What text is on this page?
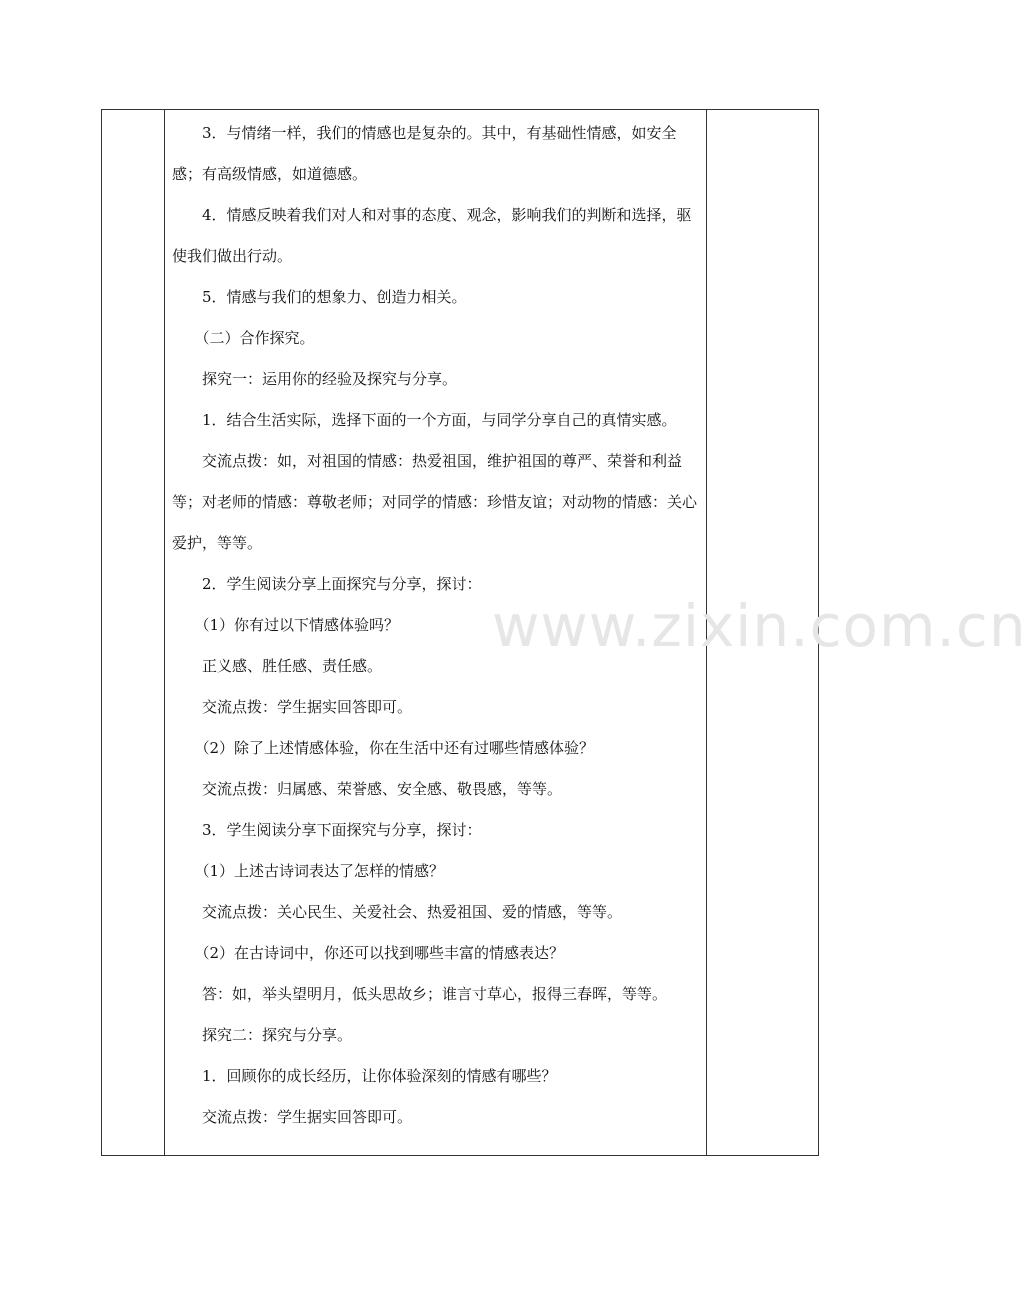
www.zixin.com.cn

　　3．与情绪一样，我们的情感也是复杂的。其中，有基础性情感，如安全感；有高级情感，如道德感。

　　4．情感反映着我们对人和对事的态度、观念，影响我们的判断和选择，驱使我们做出行动。

　　5．情感与我们的想象力、创造力相关。

　　（二）合作探究。

　　探究一：运用你的经验及探究与分享。

　　1．结合生活实际，选择下面的一个方面，与同学分享自己的真情实感。

　　交流点拨：如，对祖国的情感：热爱祖国，维护祖国的尊严、荣誉和利益等；对老师的情感：尊敬老师；对同学的情感：珍惜友谊；对动物的情感：关心爱护，等等。

　　2．学生阅读分享上面探究与分享，探讨：

　　（1）你有过以下情感体验吗？

　　正义感、胜任感、责任感。

　　交流点拨：学生据实回答即可。

　　（2）除了上述情感体验，你在生活中还有过哪些情感体验？

　　交流点拨：归属感、荣誉感、安全感、敬畏感，等等。

　　3．学生阅读分享下面探究与分享，探讨：

　　（1）上述古诗词表达了怎样的情感？

　　交流点拨：关心民生、关爱社会、热爱祖国、爱的情感，等等。

　　（2）在古诗词中，你还可以找到哪些丰富的情感表达？

　　答：如，举头望明月，低头思故乡；谁言寸草心，报得三春晖，等等。

　　探究二：探究与分享。

　　1．回顾你的成长经历，让你体验深刻的情感有哪些？

　　交流点拨：学生据实回答即可。
